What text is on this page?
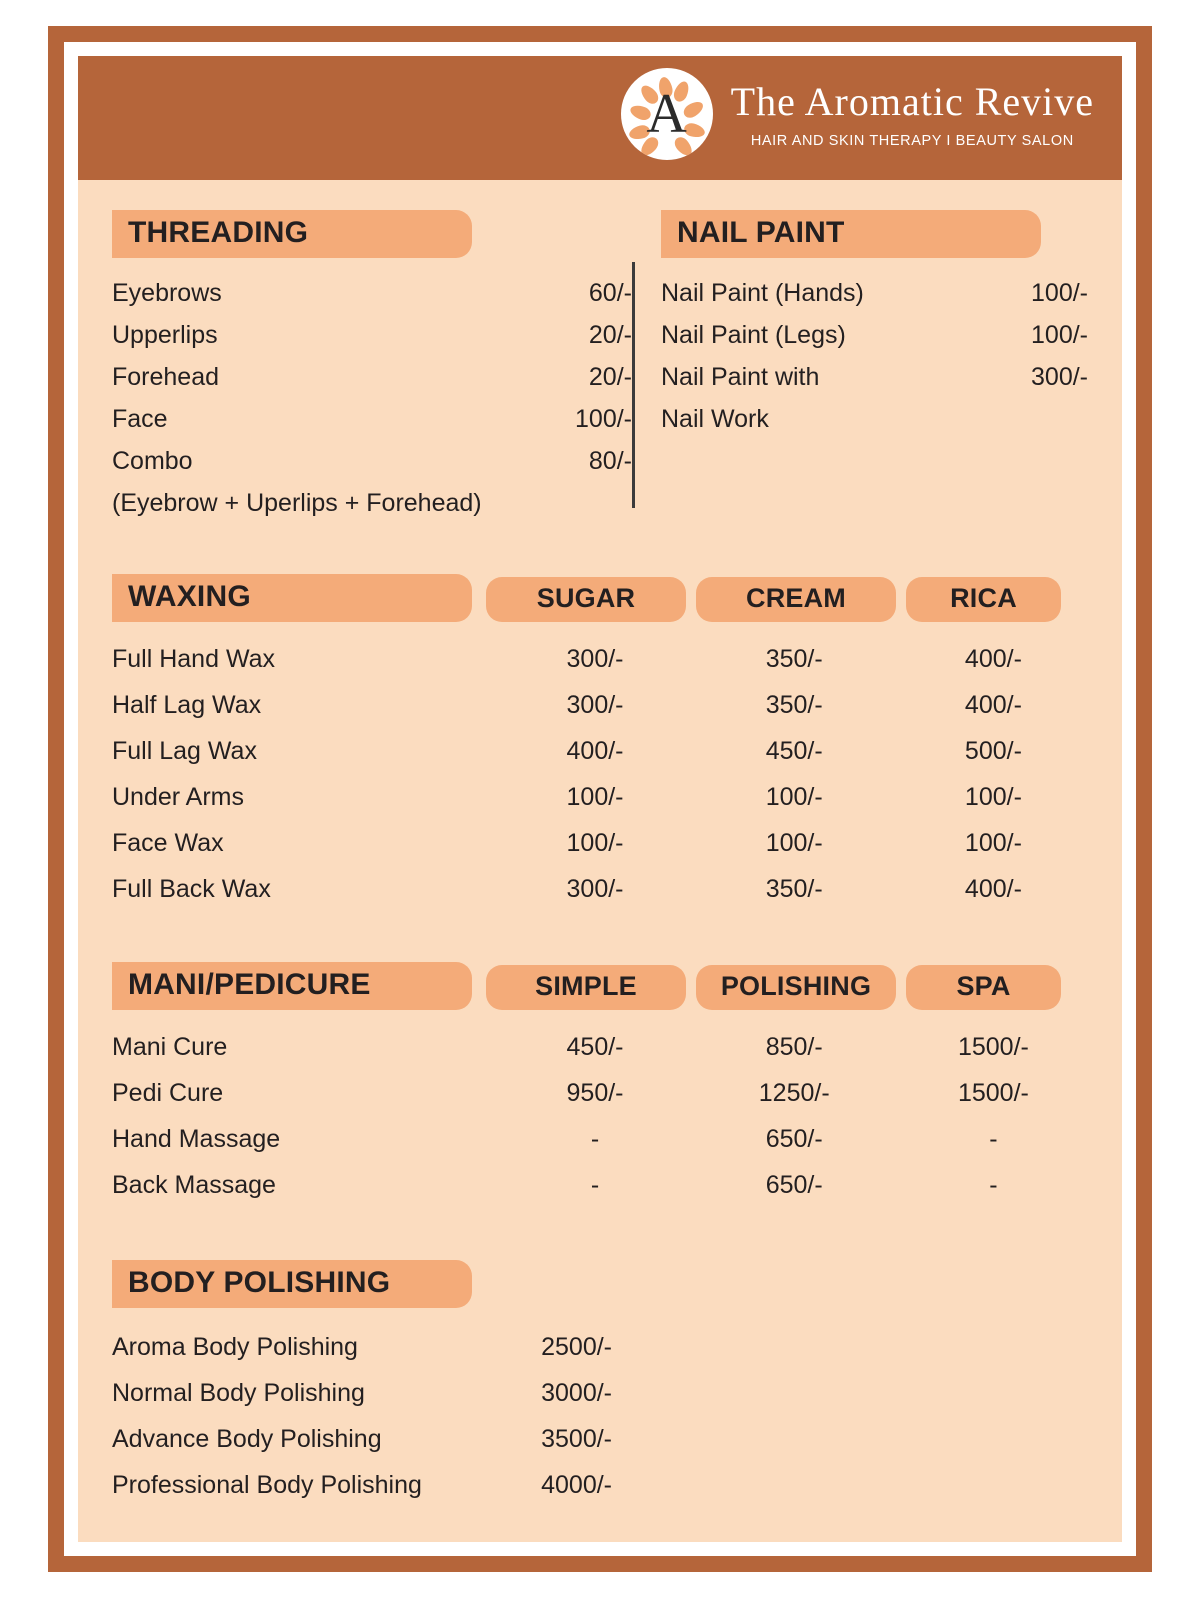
A	The Aromatic Revive
HAIR AND SKIN THERAPY I BEAUTY SALON
THREADING
Eyebrows	60/-
Upperlips	20/-
Forehead	20/-
Face	100/-
Combo	80/-
(Eyebrow + Uperlips + Forehead)
NAIL PAINT
Nail Paint (Hands)	100/-
Nail Paint (Legs)	100/-
Nail Paint with	300/-
Nail Work
WAXING	SUGAR	CREAM	RICA
Full Hand Wax	300/-	350/-	400/-
Half Lag Wax	300/-	350/-	400/-
Full Lag Wax	400/-	450/-	500/-
Under Arms	100/-	100/-	100/-
Face Wax	100/-	100/-	100/-
Full Back Wax	300/-	350/-	400/-
MANI/PEDICURE	SIMPLE	POLISHING	SPA
Mani Cure	450/-	850/-	1500/-
Pedi Cure	950/-	1250/-	1500/-
Hand Massage	-	650/-	-
Back Massage	-	650/-	-
BODY POLISHING
Aroma Body Polishing	2500/-
Normal Body Polishing	3000/-
Advance Body Polishing	3500/-
Professional Body Polishing	4000/-
